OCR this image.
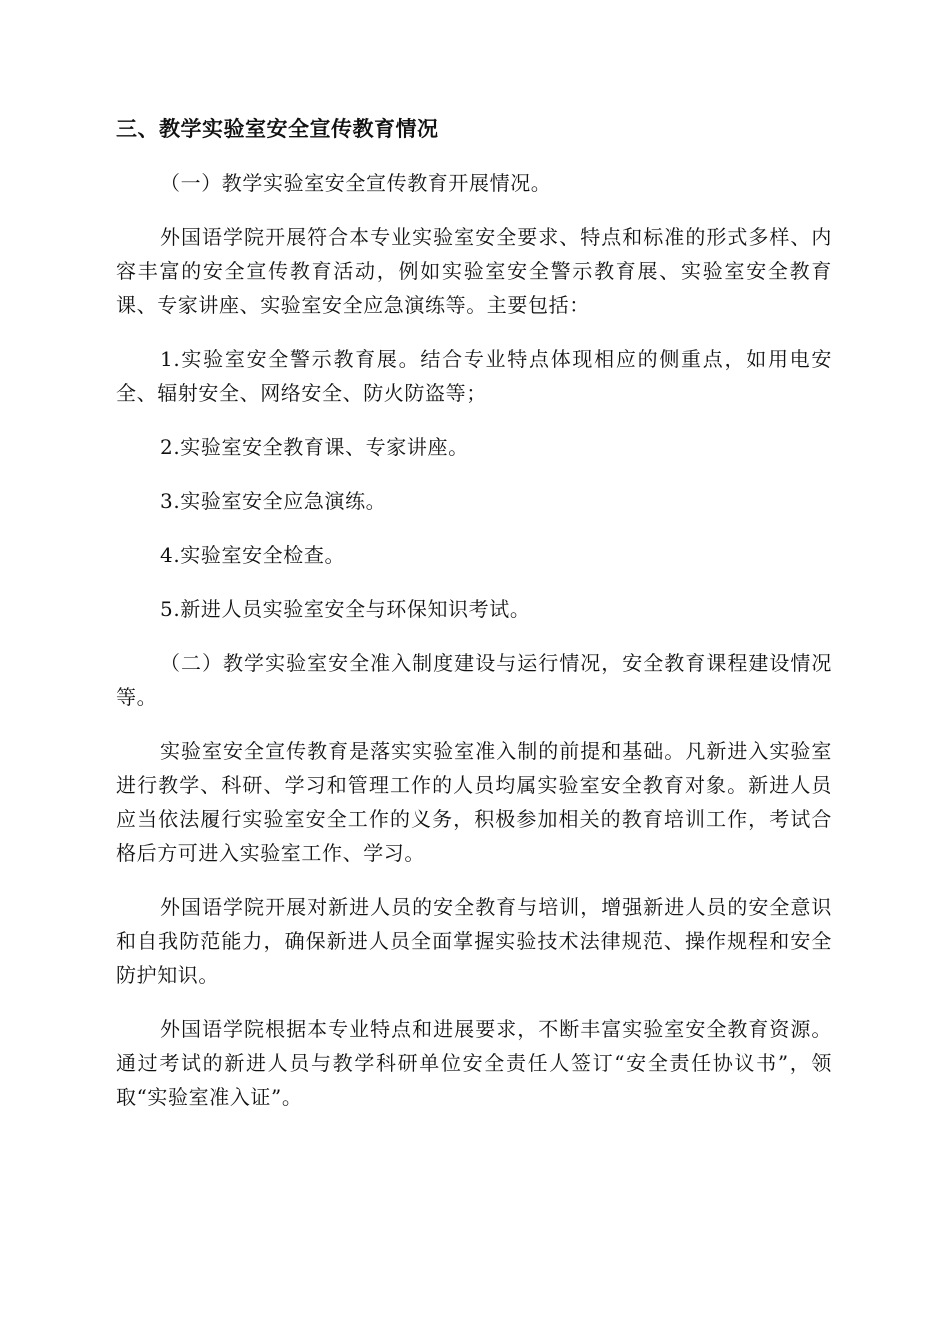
三、教学实验室安全宣传教育情况

（一）教学实验室安全宣传教育开展情况。

外国语学院开展符合本专业实验室安全要求、特点和标准的形式多样、内容丰富的安全宣传教育活动，例如实验室安全警示教育展、实验室安全教育课、专家讲座、实验室安全应急演练等。主要包括：

1.实验室安全警示教育展。结合专业特点体现相应的侧重点，如用电安全、辐射安全、网络安全、防火防盗等；

2.实验室安全教育课、专家讲座。

3.实验室安全应急演练。

4.实验室安全检查。

5.新进人员实验室安全与环保知识考试。

（二）教学实验室安全准入制度建设与运行情况，安全教育课程建设情况等。

实验室安全宣传教育是落实实验室准入制的前提和基础。凡新进入实验室进行教学、科研、学习和管理工作的人员均属实验室安全教育对象。新进人员应当依法履行实验室安全工作的义务，积极参加相关的教育培训工作，考试合格后方可进入实验室工作、学习。

外国语学院开展对新进人员的安全教育与培训，增强新进人员的安全意识和自我防范能力，确保新进人员全面掌握实验技术法律规范、操作规程和安全防护知识。

外国语学院根据本专业特点和进展要求，不断丰富实验室安全教育资源。通过考试的新进人员与教学科研单位安全责任人签订“安全责任协议书”，领取“实验室准入证”。
